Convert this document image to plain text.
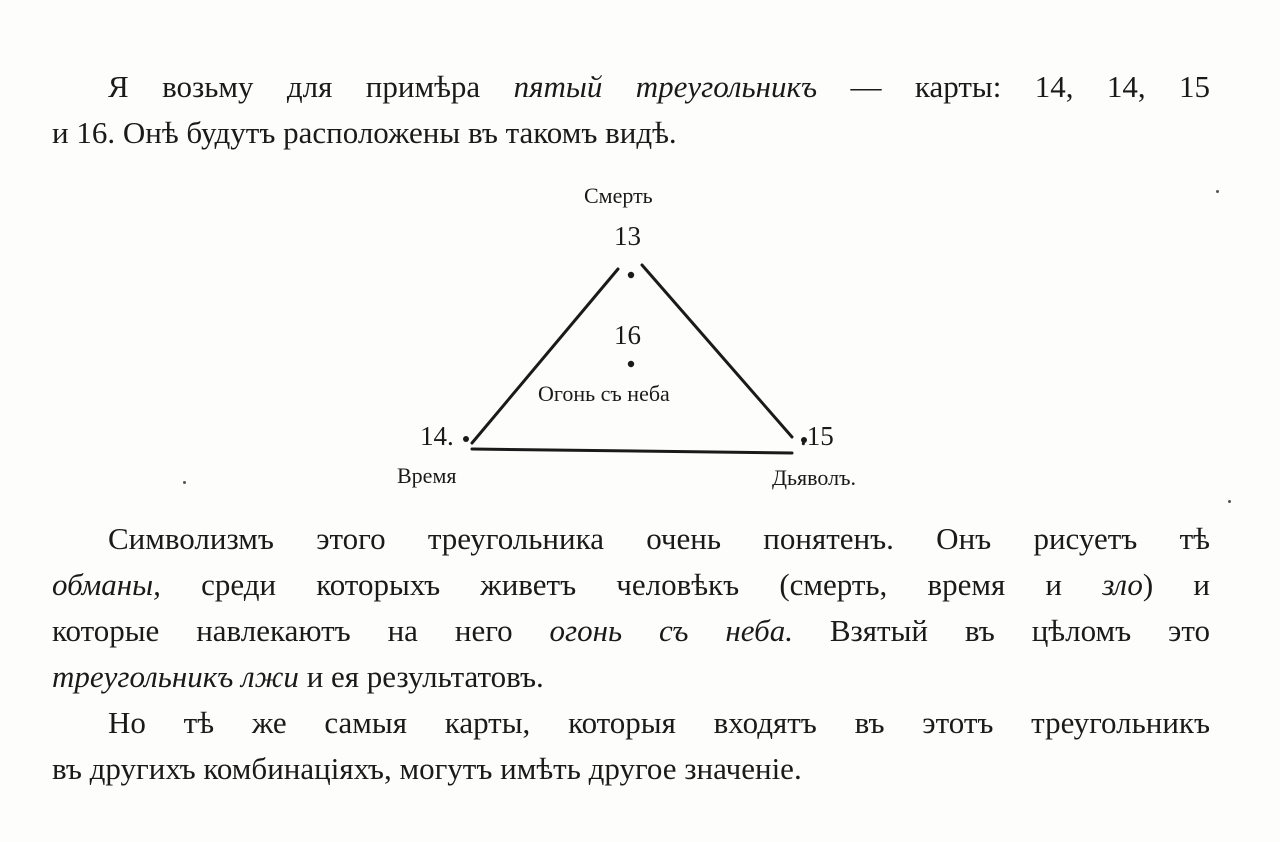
Я возьму для примѣра пятый треугольникъ — карты: 14, 14, 15
и 16. Онѣ будутъ расположены въ такомъ видѣ.

Смерть
13
16
Огонь съ неба
14.
Время
.15
Дьяволъ.

Символизмъ этого треугольника очень понятенъ. Онъ рисуетъ тѣ
обманы, среди которыхъ живетъ человѣкъ (смерть, время и зло) и
которые навлекаютъ на него огонь съ неба. Взятый въ цѣломъ это
треугольникъ лжи и ея результатовъ.

Но тѣ же самыя карты, которыя входятъ въ этотъ треугольникъ
въ другихъ комбинаціяхъ, могутъ имѣть другое значеніе.
